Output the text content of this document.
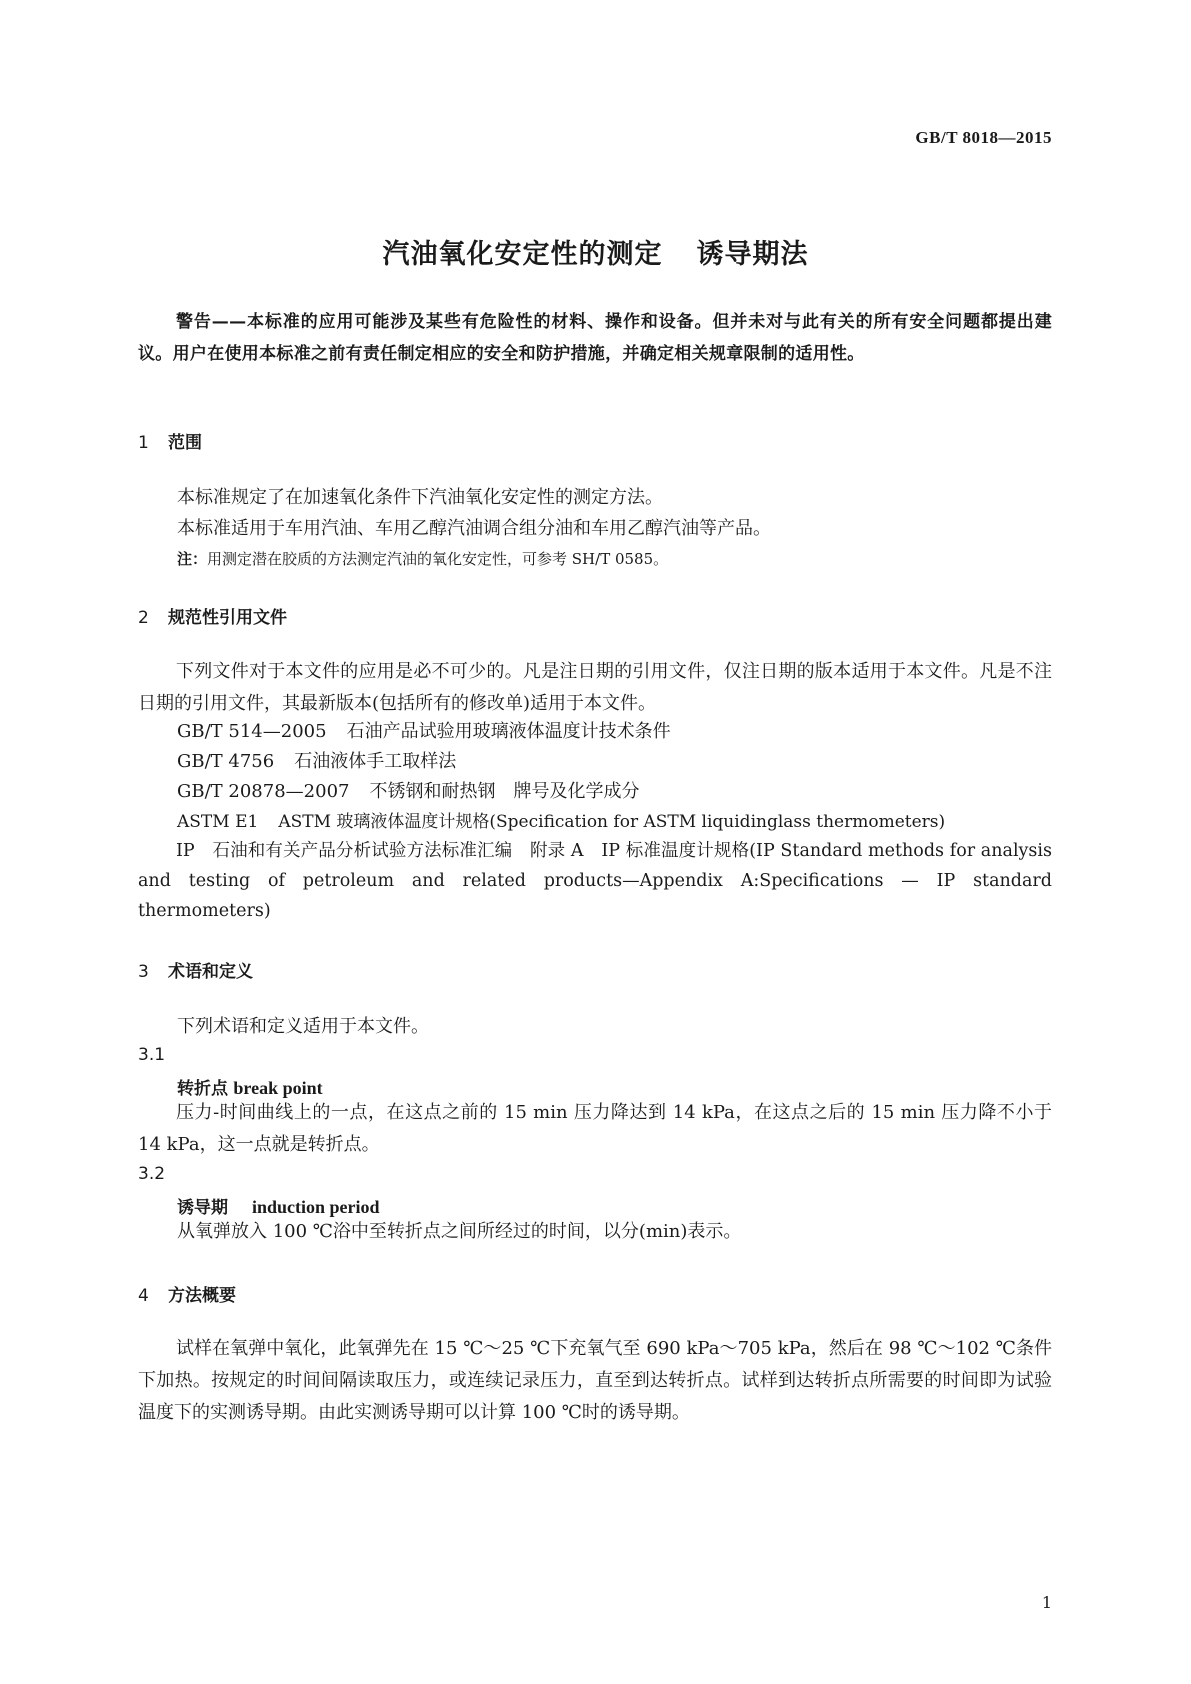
GB/T 8018—2015
汽油氧化安定性的测定 诱导期法
警告——本标准的应用可能涉及某些有危险性的材料、操作和设备。但并未对与此有关的所有安全问题都提出建议。用户在使用本标准之前有责任制定相应的安全和防护措施，并确定相关规章限制的适用性。
1 范围
本标准规定了在加速氧化条件下汽油氧化安定性的测定方法。
本标准适用于车用汽油、车用乙醇汽油调合组分油和车用乙醇汽油等产品。
注：用测定潜在胶质的方法测定汽油的氧化安定性，可参考 SH/T 0585。
2 规范性引用文件
下列文件对于本文件的应用是必不可少的。凡是注日期的引用文件，仅注日期的版本适用于本文件。凡是不注日期的引用文件，其最新版本(包括所有的修改单)适用于本文件。
GB/T 514—2005 石油产品试验用玻璃液体温度计技术条件
GB/T 4756 石油液体手工取样法
GB/T 20878—2007 不锈钢和耐热钢　牌号及化学成分
ASTM E1 ASTM 玻璃液体温度计规格(Specification for ASTM liquidinglass thermometers)
IP　石油和有关产品分析试验方法标准汇编　附录 A　IP 标准温度计规格(IP Standard methods for analysis and testing of petroleum and related products—Appendix A:Specifications — IP standard thermometers)
3 术语和定义
下列术语和定义适用于本文件。
3.1
转折点 break point
压力-时间曲线上的一点，在这点之前的 15 min 压力降达到 14 kPa，在这点之后的 15 min 压力降不小于 14 kPa，这一点就是转折点。
3.2
诱导期 induction period
从氧弹放入 100 ℃浴中至转折点之间所经过的时间，以分(min)表示。
4 方法概要
试样在氧弹中氧化，此氧弹先在 15 ℃～25 ℃下充氧气至 690 kPa～705 kPa，然后在 98 ℃～102 ℃条件下加热。按规定的时间间隔读取压力，或连续记录压力，直至到达转折点。试样到达转折点所需要的时间即为试验温度下的实测诱导期。由此实测诱导期可以计算 100 ℃时的诱导期。
1
